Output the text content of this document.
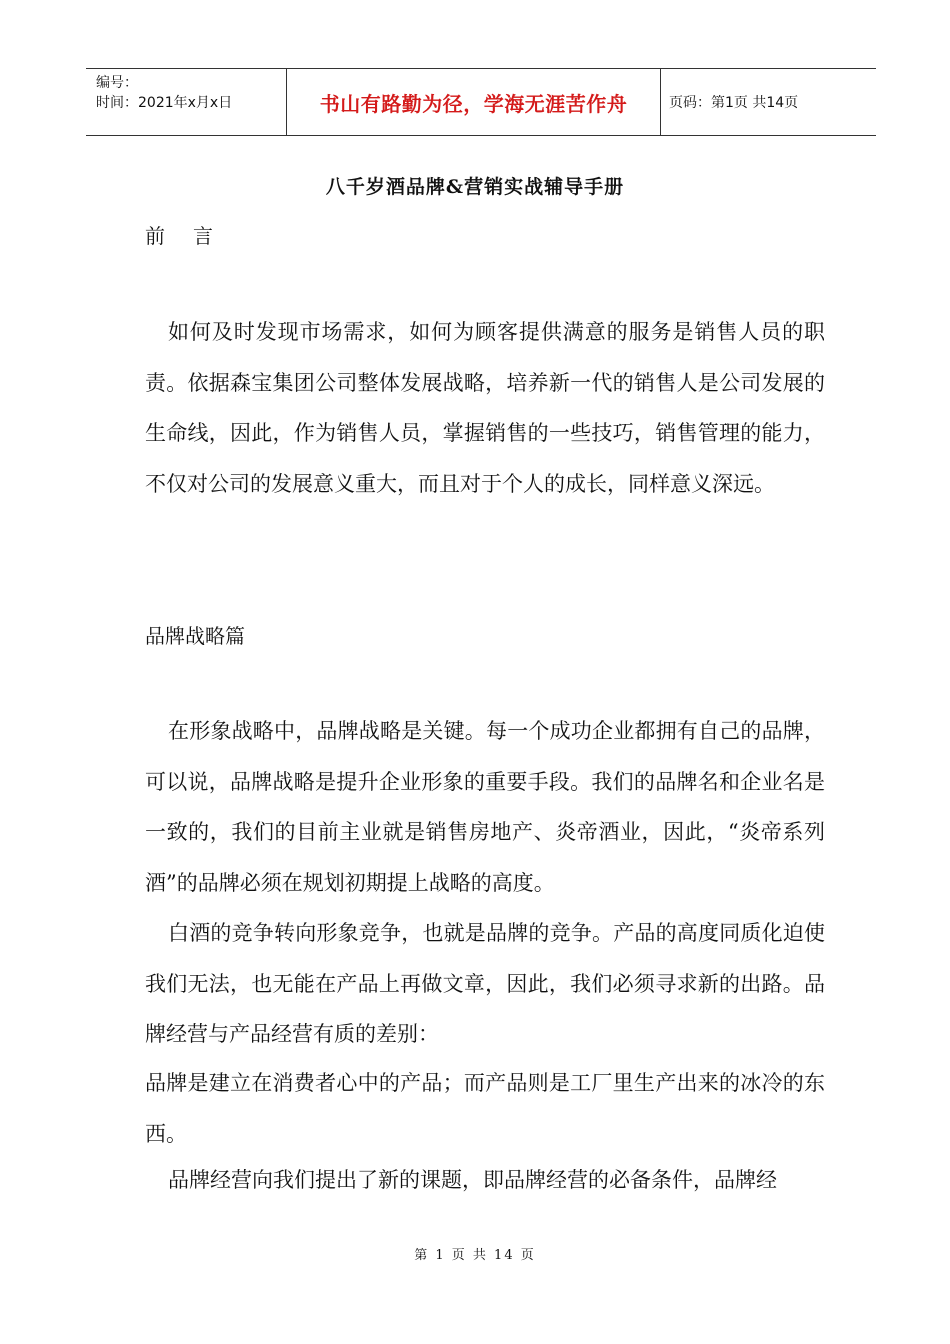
编号：
时间：2021年x月x日	书山有路勤为径，学海无涯苦作舟	页码：第1页 共14页
八千岁酒品牌&营销实战辅导手册
前言

如何及时发现市场需求，如何为顾客提供满意的服务是销售人员的职责。依据森宝集团公司整体发展战略，培养新一代的销售人是公司发展的生命线，因此，作为销售人员，掌握销售的一些技巧，销售管理的能力，不仅对公司的发展意义重大，而且对于个人的成长，同样意义深远。

品牌战略篇

在形象战略中，品牌战略是关键。每一个成功企业都拥有自己的品牌，可以说，品牌战略是提升企业形象的重要手段。我们的品牌名和企业名是一致的，我们的目前主业就是销售房地产、炎帝酒业，因此，“炎帝系列酒”的品牌必须在规划初期提上战略的高度。

白酒的竞争转向形象竞争，也就是品牌的竞争。产品的高度同质化迫使我们无法，也无能在产品上再做文章，因此，我们必须寻求新的出路。品牌经营与产品经营有质的差别：

品牌是建立在消费者心中的产品；而产品则是工厂里生产出来的冰冷的东西。

品牌经营向我们提出了新的课题，即品牌经营的必备条件，品牌经

第 1 页 共 14 页
